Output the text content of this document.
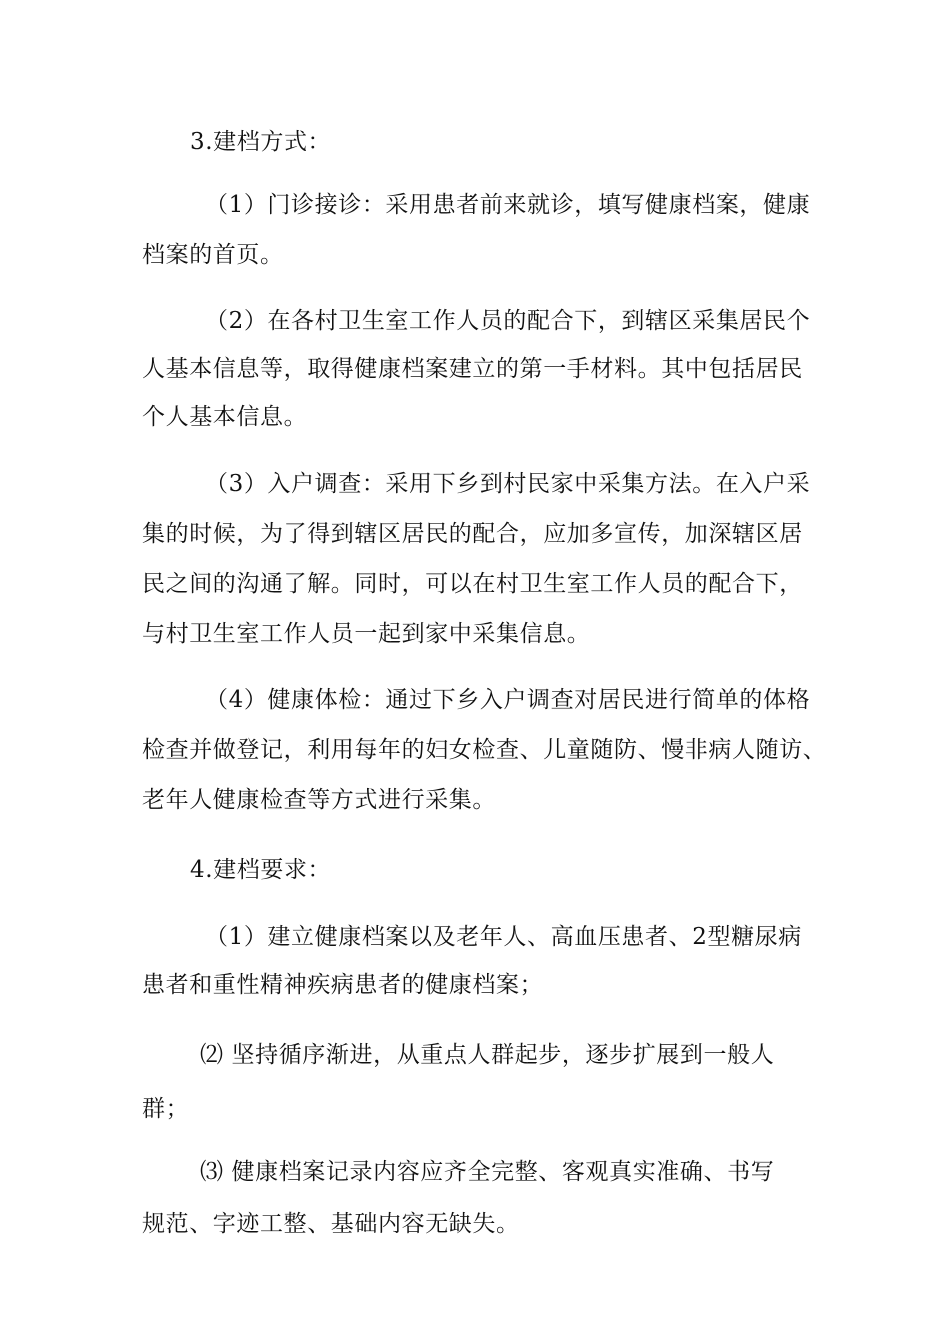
3.建档方式：
（1）门诊接诊：采用患者前来就诊，填写健康档案，健康
档案的首页。
（2）在各村卫生室工作人员的配合下，到辖区采集居民个
人基本信息等，取得健康档案建立的第一手材料。其中包括居民
个人基本信息。
（3）入户调查：采用下乡到村民家中采集方法。在入户采
集的时候，为了得到辖区居民的配合，应加多宣传，加深辖区居
民之间的沟通了解。同时，可以在村卫生室工作人员的配合下，
与村卫生室工作人员一起到家中采集信息。
（4）健康体检：通过下乡入户调查对居民进行简单的体格
检查并做登记，利用每年的妇女检查、儿童随防、慢非病人随访、
老年人健康检查等方式进行采集。
4.建档要求：
（1）建立健康档案以及老年人、高血压患者、2型糖尿病
患者和重性精神疾病患者的健康档案；
⑵ 坚持循序渐进，从重点人群起步，逐步扩展到一般人
群；
⑶ 健康档案记录内容应齐全完整、客观真实准确、书写
规范、字迹工整、基础内容无缺失。
